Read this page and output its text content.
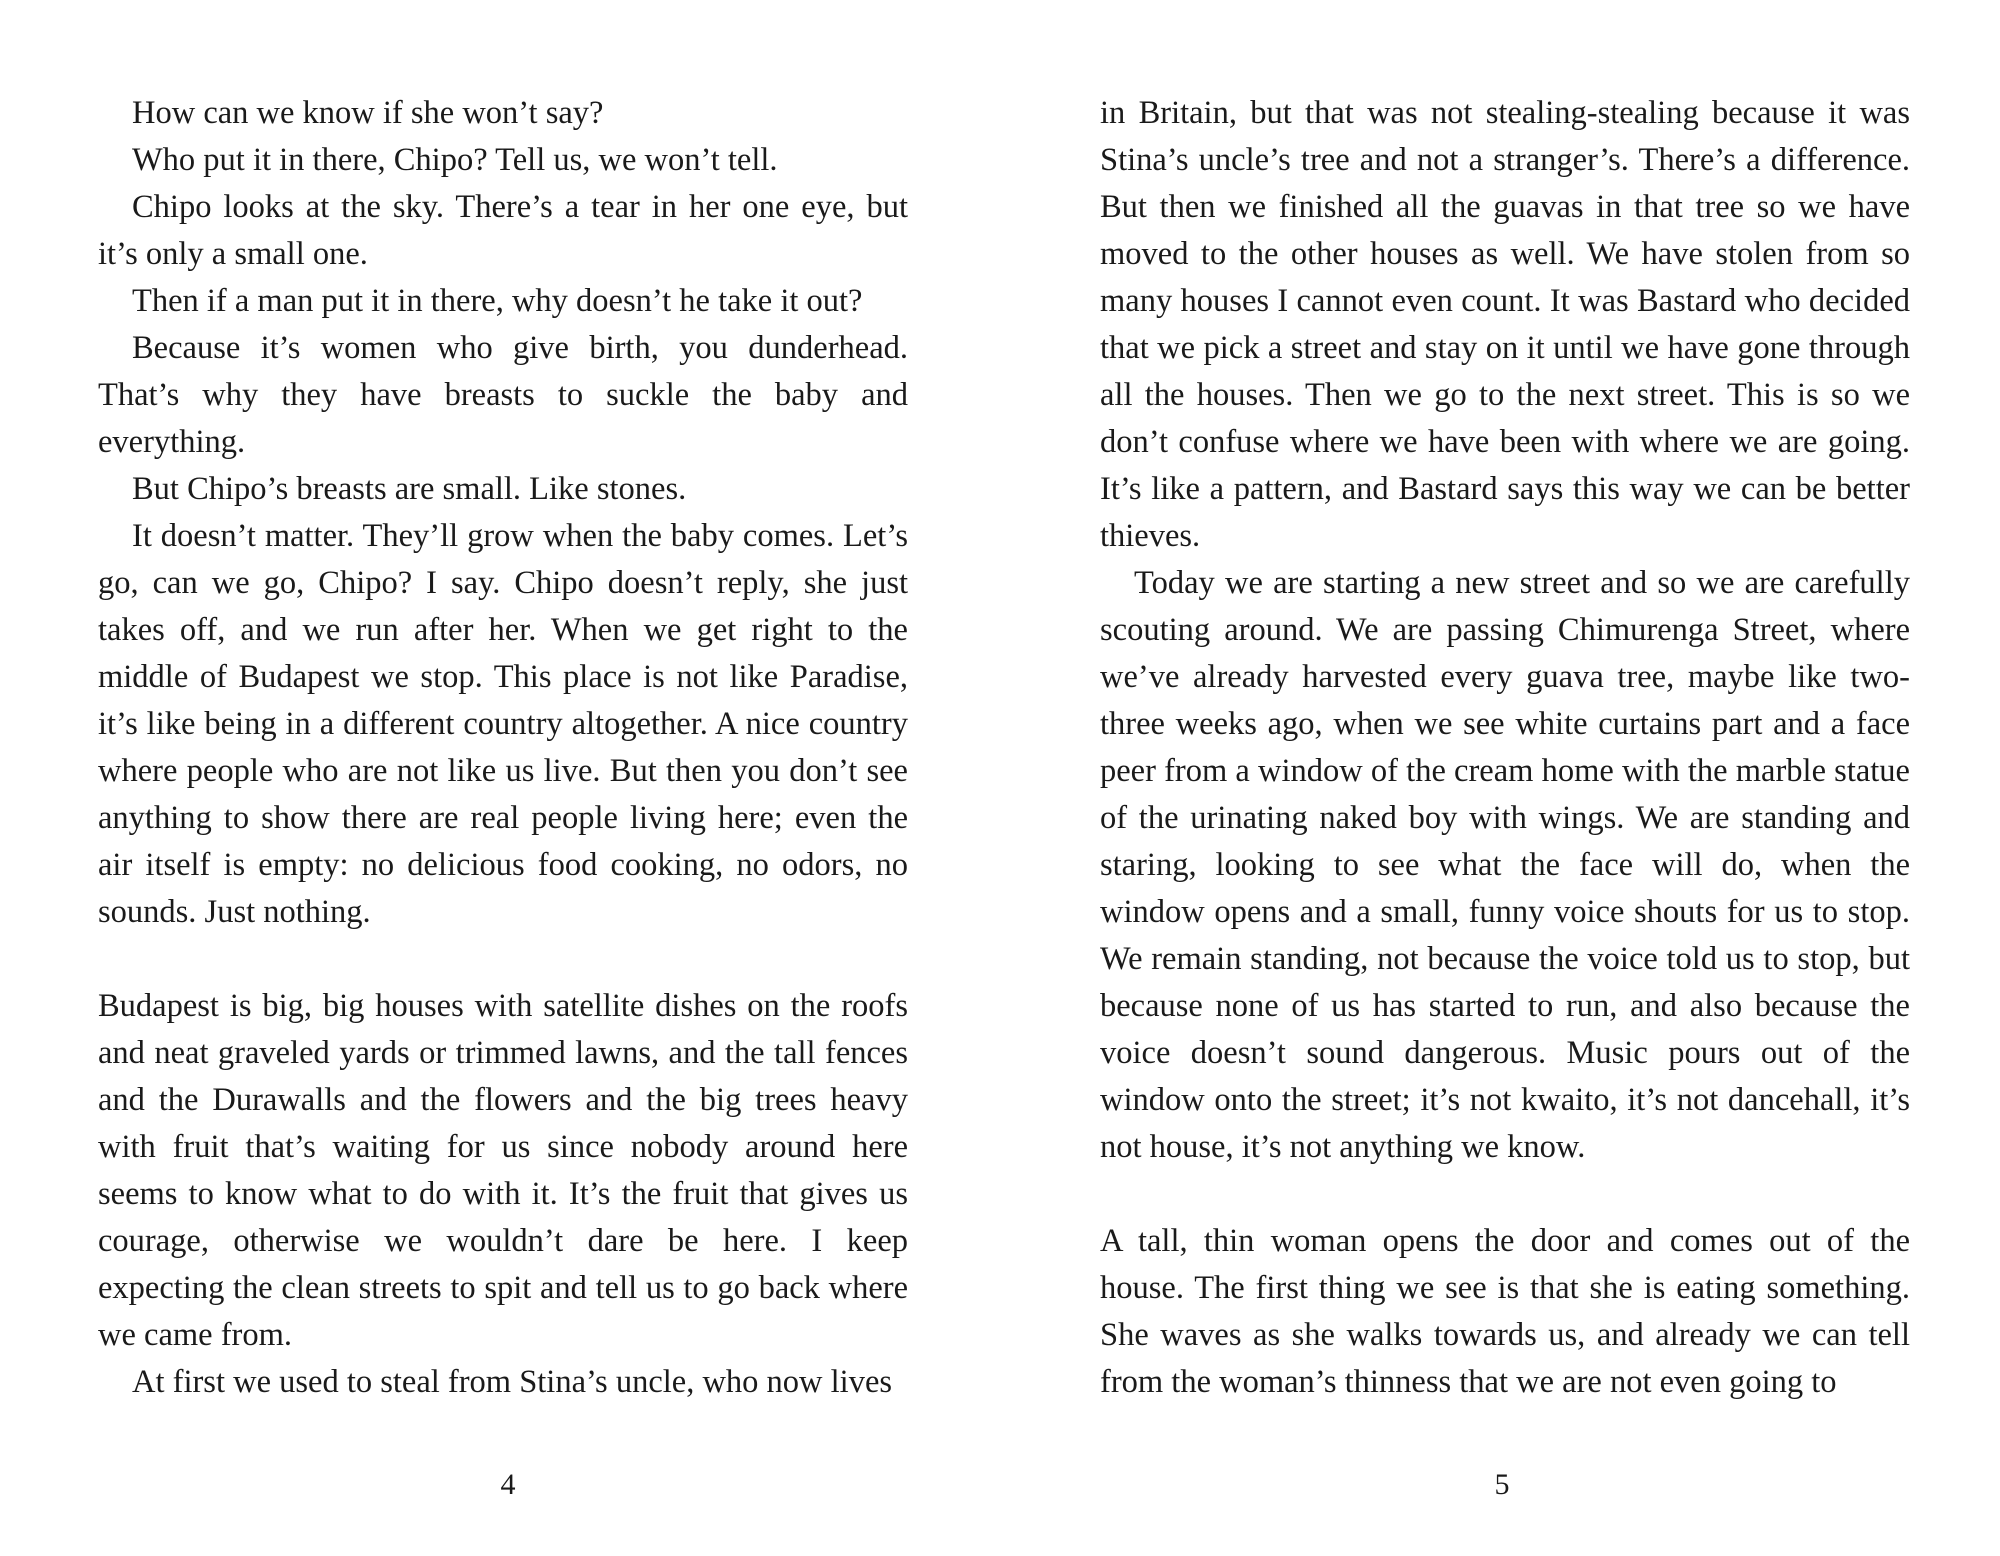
How can we know if she won’t say?

Who put it in there, Chipo? Tell us, we won’t tell.

Chipo looks at the sky. There’s a tear in her one eye, but it’s only a small one.

Then if a man put it in there, why doesn’t he take it out?

Because it’s women who give birth, you dunderhead. That’s why they have breasts to suckle the baby and everything.

But Chipo’s breasts are small. Like stones.

It doesn’t matter. They’ll grow when the baby comes. Let’s go, can we go, Chipo? I say. Chipo doesn’t reply, she just takes off, and we run after her. When we get right to the middle of Budapest we stop. This place is not like Paradise, it’s like being in a different country altogether. A nice country where people who are not like us live. But then you don’t see anything to show there are real people living here; even the air itself is empty: no delicious food cooking, no odors, no sounds. Just nothing.

Budapest is big, big houses with satellite dishes on the roofs and neat graveled yards or trimmed lawns, and the tall fences and the Durawalls and the flowers and the big trees heavy with fruit that’s waiting for us since nobody around here seems to know what to do with it. It’s the fruit that gives us courage, otherwise we wouldn’t dare be here. I keep expecting the clean streets to spit and tell us to go back where we came from.

At first we used to steal from Stina’s uncle, who now lives

in Britain, but that was not stealing-stealing because it was Stina’s uncle’s tree and not a stranger’s. There’s a difference. But then we finished all the guavas in that tree so we have moved to the other houses as well. We have stolen from so many houses I cannot even count. It was Bastard who decided that we pick a street and stay on it until we have gone through all the houses. Then we go to the next street. This is so we don’t confuse where we have been with where we are going. It’s like a pattern, and Bastard says this way we can be better thieves.

Today we are starting a new street and so we are carefully scouting around. We are passing Chimurenga Street, where we’ve already harvested every guava tree, maybe like two-three weeks ago, when we see white curtains part and a face peer from a window of the cream home with the marble statue of the urinating naked boy with wings. We are standing and staring, looking to see what the face will do, when the window opens and a small, funny voice shouts for us to stop. We remain standing, not because the voice told us to stop, but because none of us has started to run, and also because the voice doesn’t sound dangerous. Music pours out of the window onto the street; it’s not kwaito, it’s not dancehall, it’s not house, it’s not anything we know.

A tall, thin woman opens the door and comes out of the house. The first thing we see is that she is eating something. She waves as she walks towards us, and already we can tell from the woman’s thinness that we are not even going to

4	5
